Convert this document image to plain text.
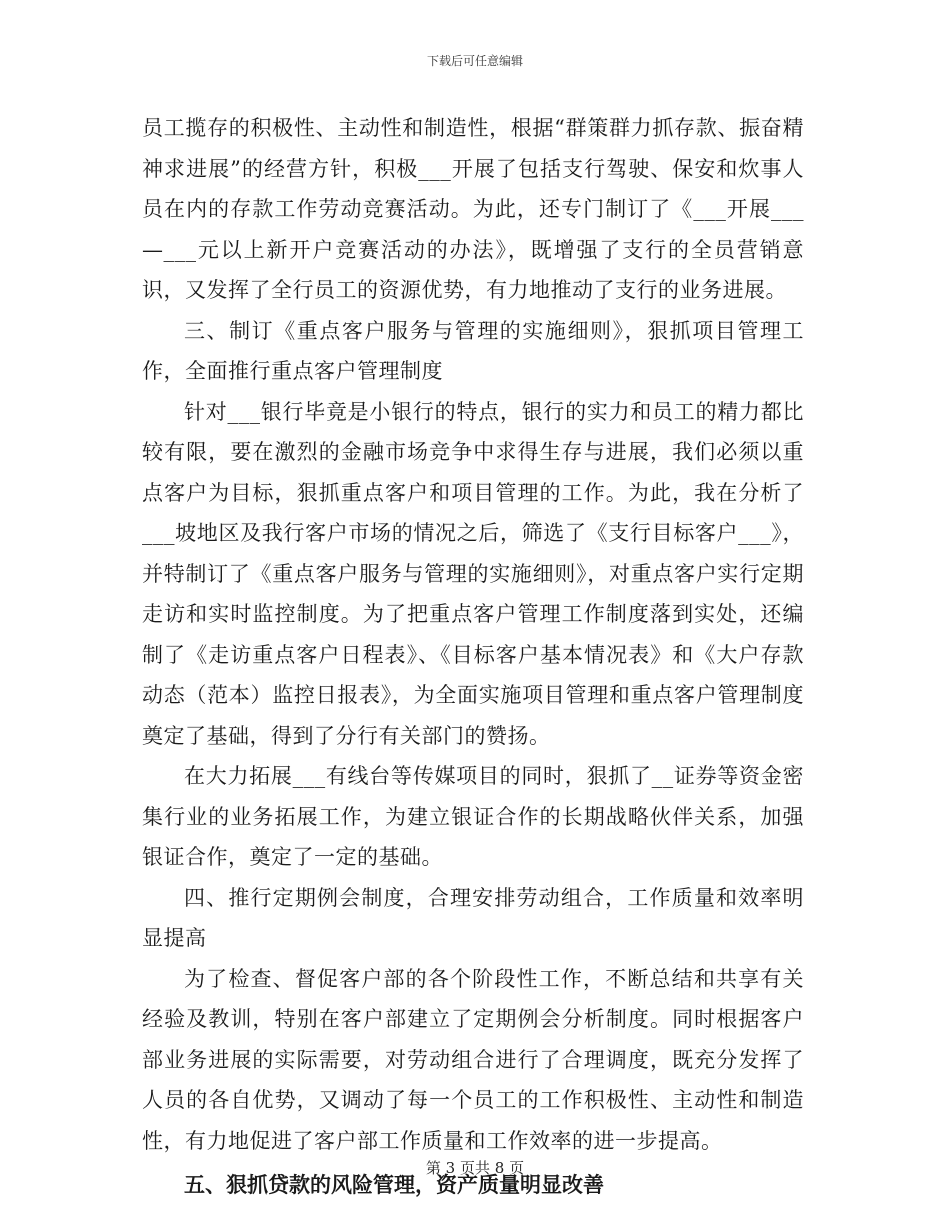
下载后可任意编辑

员工揽存的积极性、主动性和制造性，根据“群策群力抓存款、振奋精神求进展”的经营方针，积极___开展了包括支行驾驶、保安和炊事人员在内的存款工作劳动竞赛活动。为此，还专门制订了《___开展___—___元以上新开户竞赛活动的办法》，既增强了支行的全员营销意识，又发挥了全行员工的资源优势，有力地推动了支行的业务进展。

三、制订《重点客户服务与管理的实施细则》，狠抓项目管理工作，全面推行重点客户管理制度

针对___银行毕竟是小银行的特点，银行的实力和员工的精力都比较有限，要在激烈的金融市场竞争中求得生存与进展，我们必须以重点客户为目标，狠抓重点客户和项目管理的工作。为此，我在分析了___坡地区及我行客户市场的情况之后，筛选了《支行目标客户___》，并特制订了《重点客户服务与管理的实施细则》，对重点客户实行定期走访和实时监控制度。为了把重点客户管理工作制度落到实处，还编制了《走访重点客户日程表》、《目标客户基本情况表》和《大户存款动态（范本）监控日报表》，为全面实施项目管理和重点客户管理制度奠定了基础，得到了分行有关部门的赞扬。

在大力拓展___有线台等传媒项目的同时，狠抓了__证券等资金密集行业的业务拓展工作，为建立银证合作的长期战略伙伴关系，加强银证合作，奠定了一定的基础。

四、推行定期例会制度，合理安排劳动组合，工作质量和效率明显提高

为了检查、督促客户部的各个阶段性工作，不断总结和共享有关经验及教训，特别在客户部建立了定期例会分析制度。同时根据客户部业务进展的实际需要，对劳动组合进行了合理调度，既充分发挥了人员的各自优势，又调动了每一个员工的工作积极性、主动性和制造性，有力地促进了客户部工作质量和工作效率的进一步提高。

五、狠抓贷款的风险管理，资产质量明显改善

第 3 页共 8 页
